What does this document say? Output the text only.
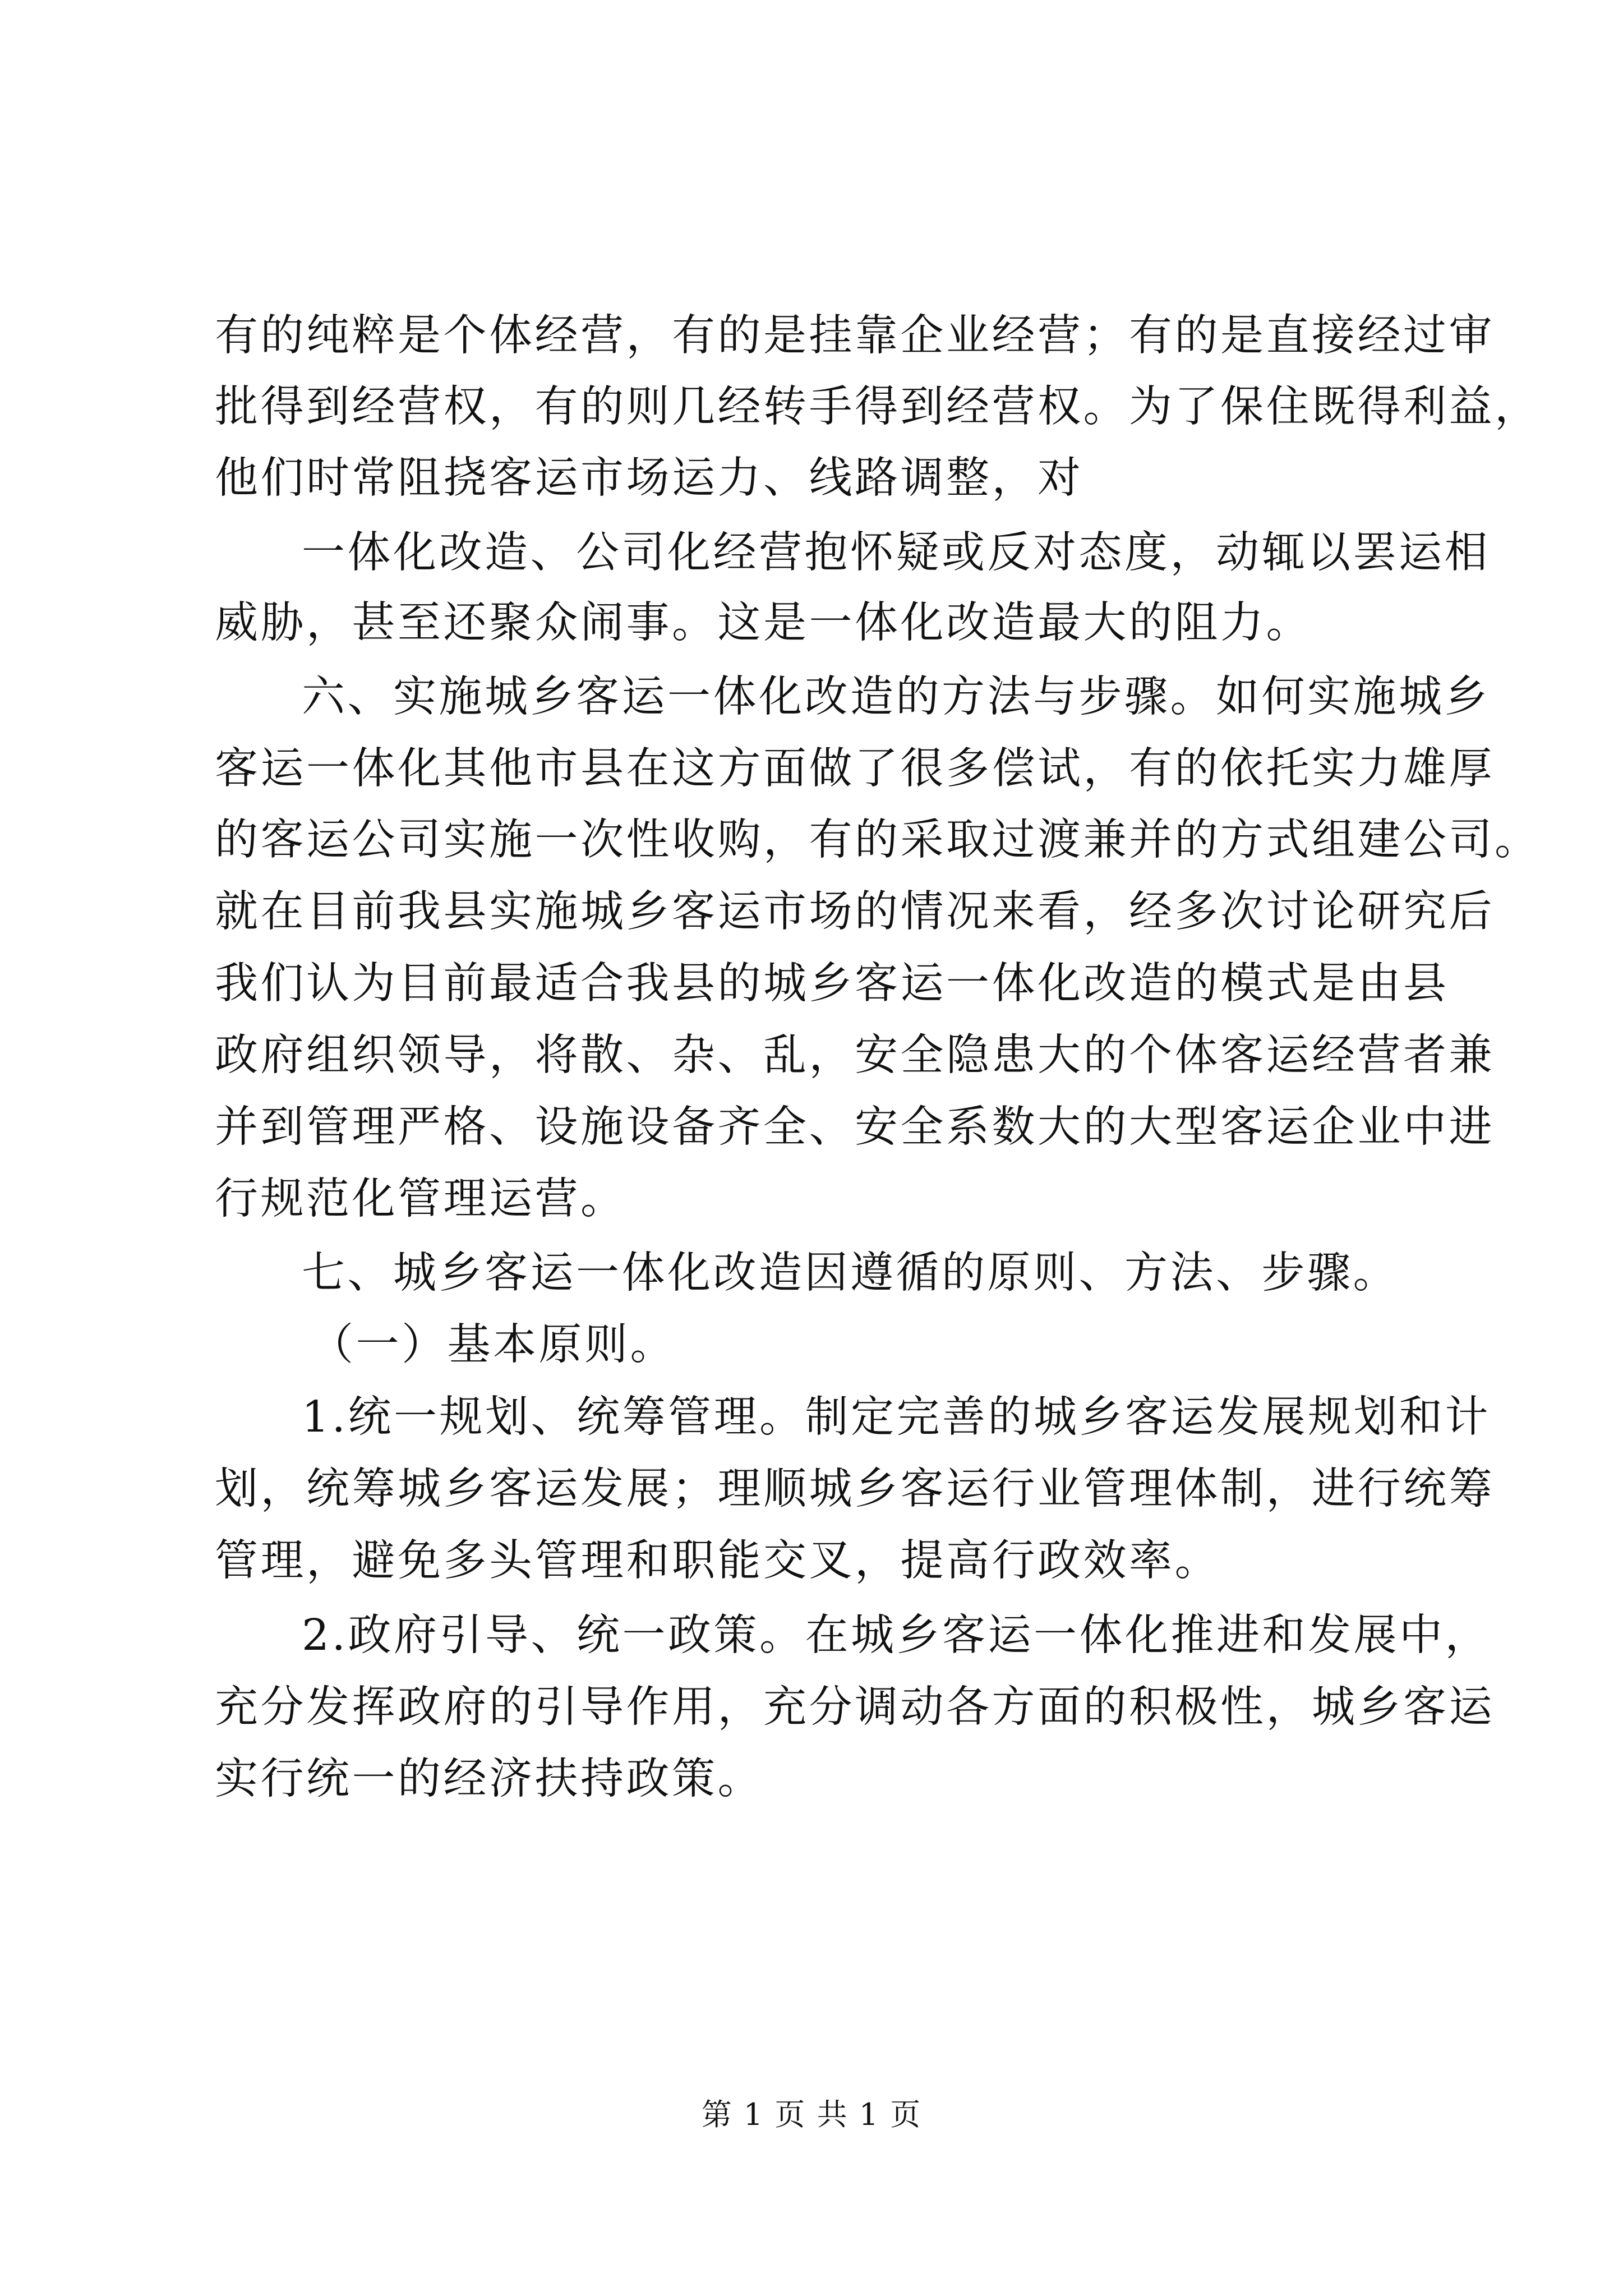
有的纯粹是个体经营，有的是挂靠企业经营；有的是直接经过审
批得到经营权，有的则几经转手得到经营权。为了保住既得利益，
他们时常阻挠客运市场运力、线路调整，对
一体化改造、公司化经营抱怀疑或反对态度，动辄以罢运相
威胁，甚至还聚众闹事。这是一体化改造最大的阻力。
六、实施城乡客运一体化改造的方法与步骤。如何实施城乡
客运一体化其他市县在这方面做了很多偿试，有的依托实力雄厚
的客运公司实施一次性收购，有的采取过渡兼并的方式组建公司。
就在目前我县实施城乡客运市场的情况来看，经多次讨论研究后
我们认为目前最适合我县的城乡客运一体化改造的模式是由县
政府组织领导，将散、杂、乱，安全隐患大的个体客运经营者兼
并到管理严格、设施设备齐全、安全系数大的大型客运企业中进
行规范化管理运营。
七、城乡客运一体化改造因遵循的原则、方法、步骤。
（一）基本原则。
1.统一规划、统筹管理。制定完善的城乡客运发展规划和计
划，统筹城乡客运发展；理顺城乡客运行业管理体制，进行统筹
管理，避免多头管理和职能交叉，提高行政效率。
2.政府引导、统一政策。在城乡客运一体化推进和发展中，
充分发挥政府的引导作用，充分调动各方面的积极性，城乡客运
实行统一的经济扶持政策。
第 1 页 共 1 页
